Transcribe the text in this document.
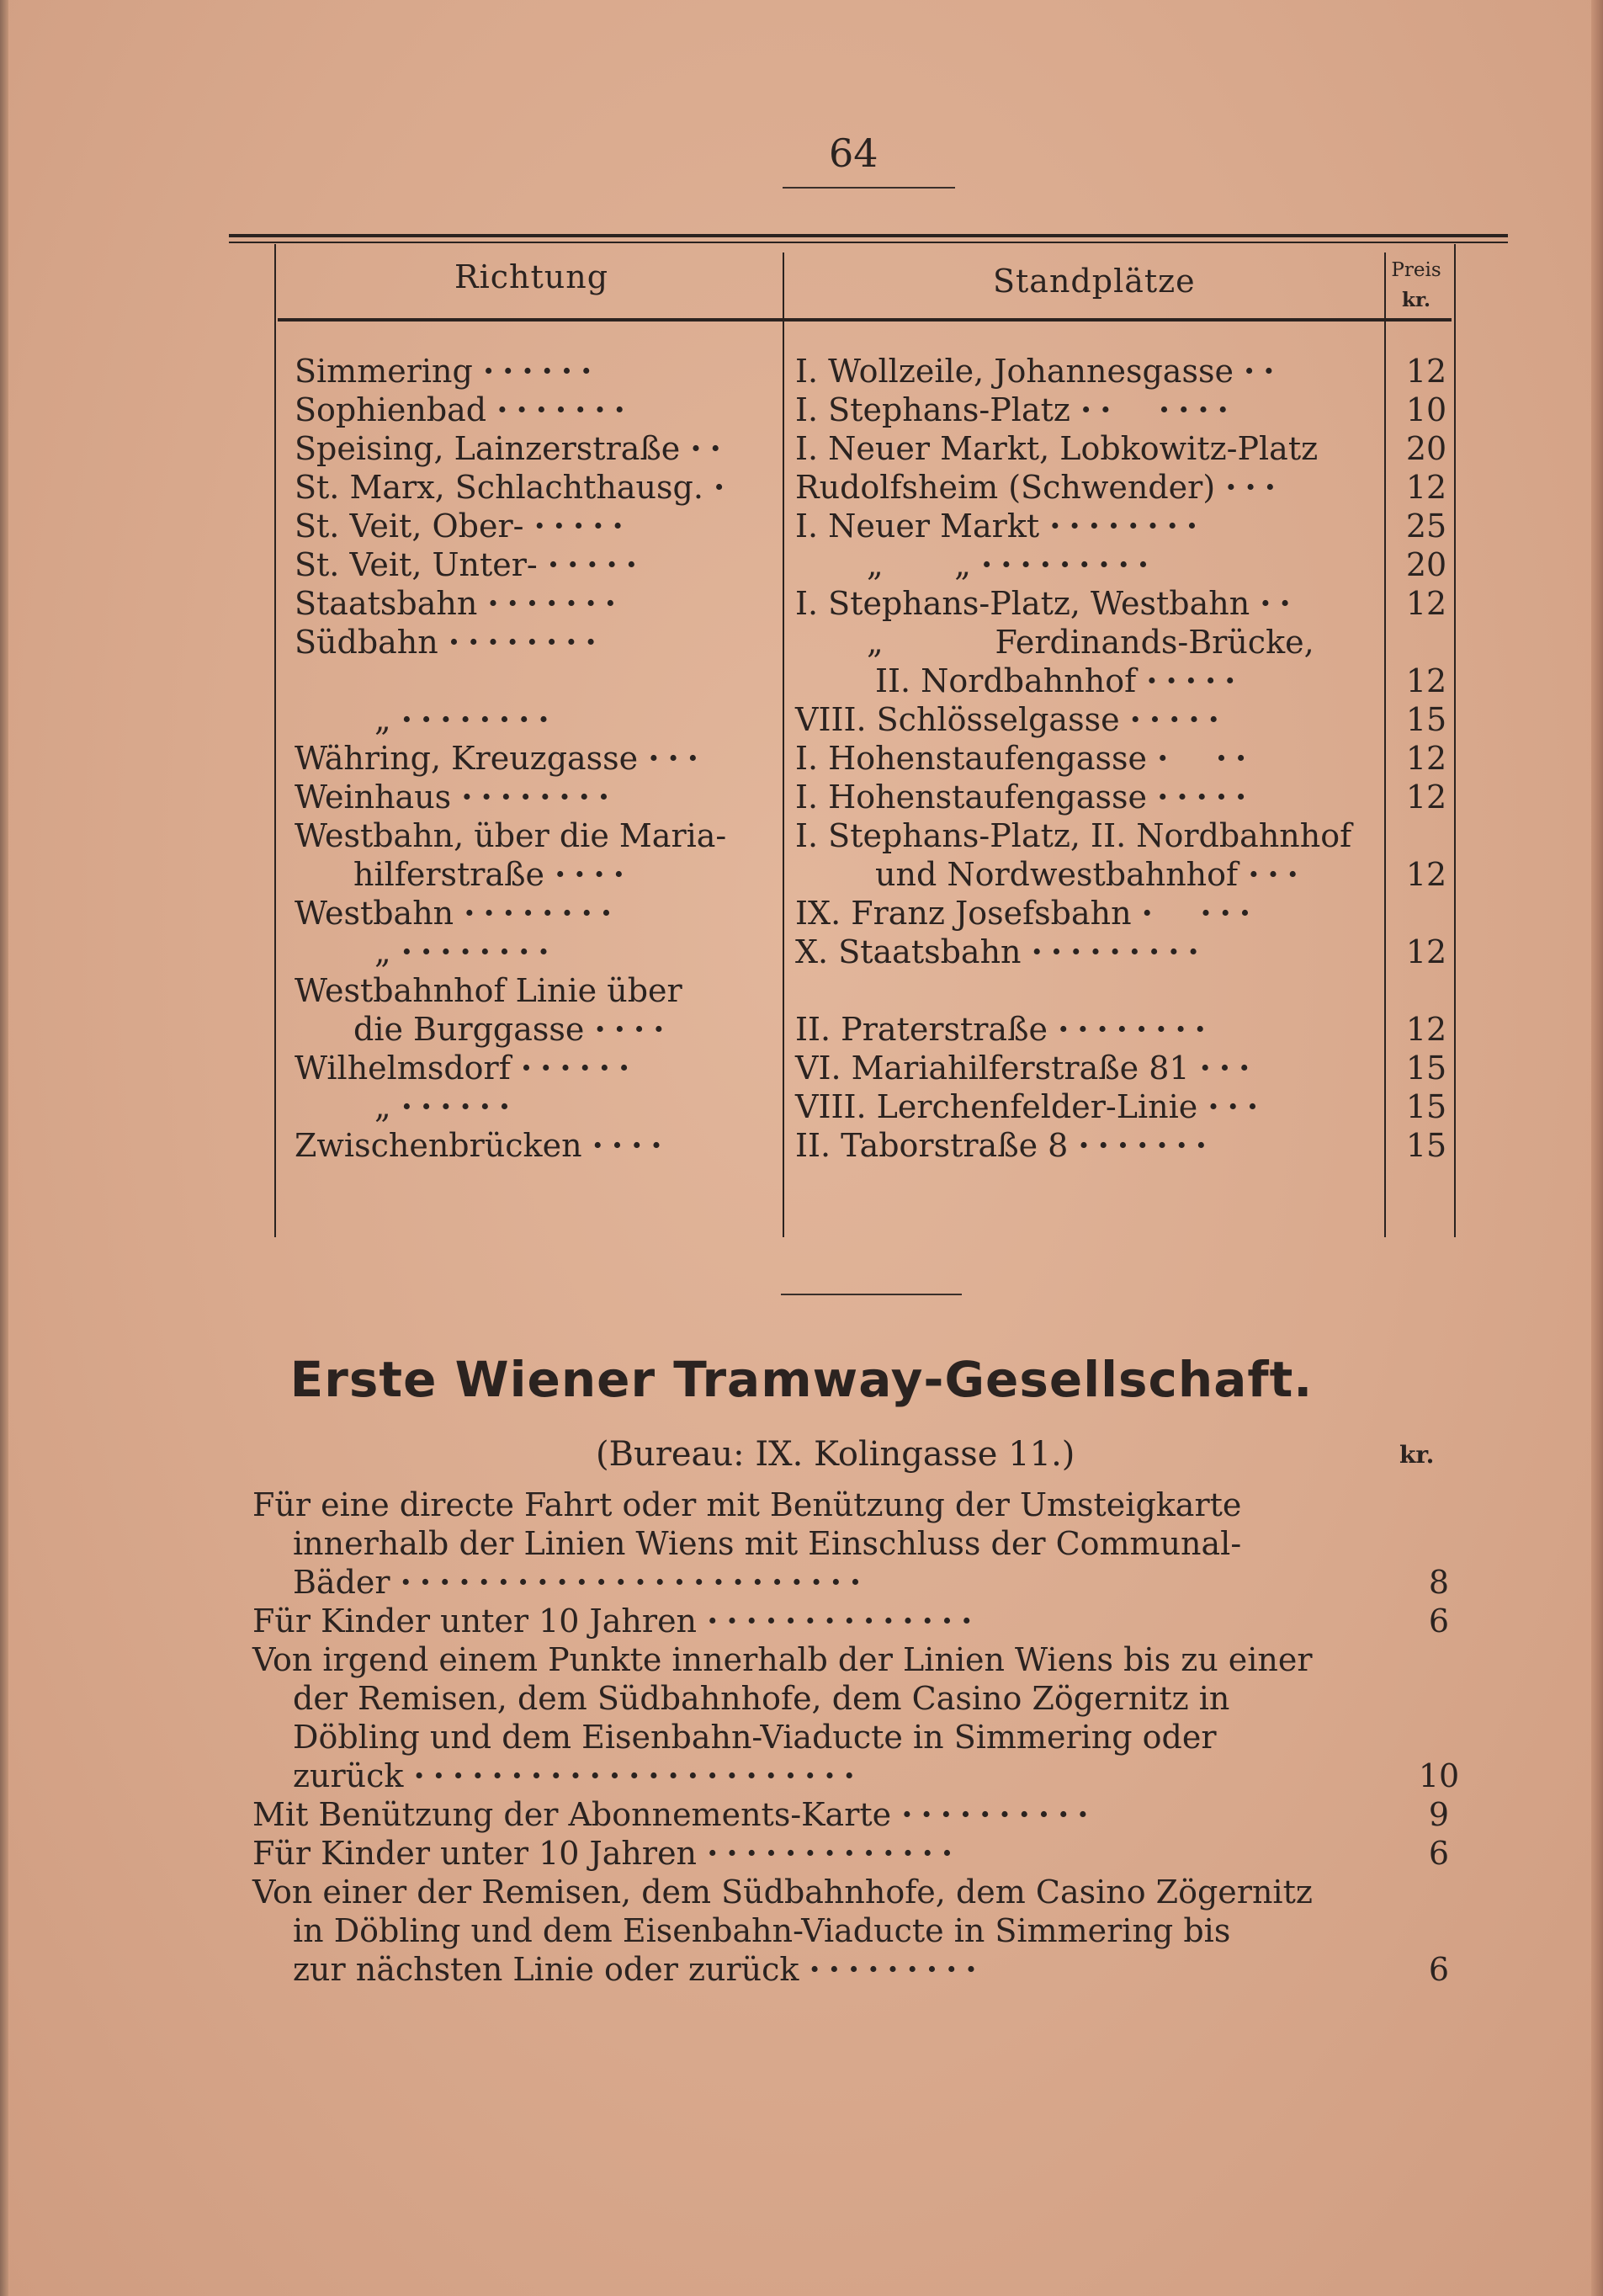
64
Richtung	Standplätze	Preis
kr.
Simmering ······	I. Wollzeile, Johannesgasse ··	12
Sophienbad ·······	I. Stephans-Platz ··  ····	10
Speising, Lainzerstraße ·· I. Neuer Markt, Lobkowitz-Platz	20
St. Marx, Schlachthausg. · Rudolfsheim (Schwender) ···	12
St. Veit, Ober- ·····	I. Neuer Markt ········	25
St. Veit, Unter- ·····	„       „ ·········	20
Staatsbahn ·······	I. Stephans-Platz, Westbahn ··	12
Südbahn ········	„           Ferdinands-Brücke,
II. Nordbahnhof ·····	12
„ ········	VIII. Schlösselgasse ·····	15
Währing, Kreuzgasse ···	I. Hohenstaufengasse ·  ··	12
Weinhaus ········	I. Hohenstaufengasse ·····	12
Westbahn, über die Maria- I. Stephans-Platz, II. Nordbahnhof
hilferstraße ····	und Nordwestbahnhof ···	12
Westbahn ········	IX. Franz Josefsbahn ·  ···
„ ········	X. Staatsbahn ·········	12
Westbahnhof Linie über
die Burggasse ····	II. Praterstraße ········	12
Wilhelmsdorf ······	VI. Mariahilferstraße 81 ···	15
„ ······	VIII. Lerchenfelder-Linie ···	15
Zwischenbrücken ····	II. Taborstraße 8 ·······	15
Erste Wiener Tramway-Gesellschaft.
(Bureau: IX. Kolingasse 11.)	kr.
Für eine directe Fahrt oder mit Benützung der Umsteigkarte
innerhalb der Linien Wiens mit Einschluss der Communal-
Bäder ························	8
Für Kinder unter 10 Jahren ··············	6
Von irgend einem Punkte innerhalb der Linien Wiens bis zu einer
der Remisen, dem Südbahnhofe, dem Casino Zögernitz in
Döbling und dem Eisenbahn-Viaducte in Simmering oder
zurück ·······················	10
Mit Benützung der Abonnements-Karte ··········	9
Für Kinder unter 10 Jahren ·············	6
Von einer der Remisen, dem Südbahnhofe, dem Casino Zögernitz
in Döbling und dem Eisenbahn-Viaducte in Simmering bis
zur nächsten Linie oder zurück ·········	6
